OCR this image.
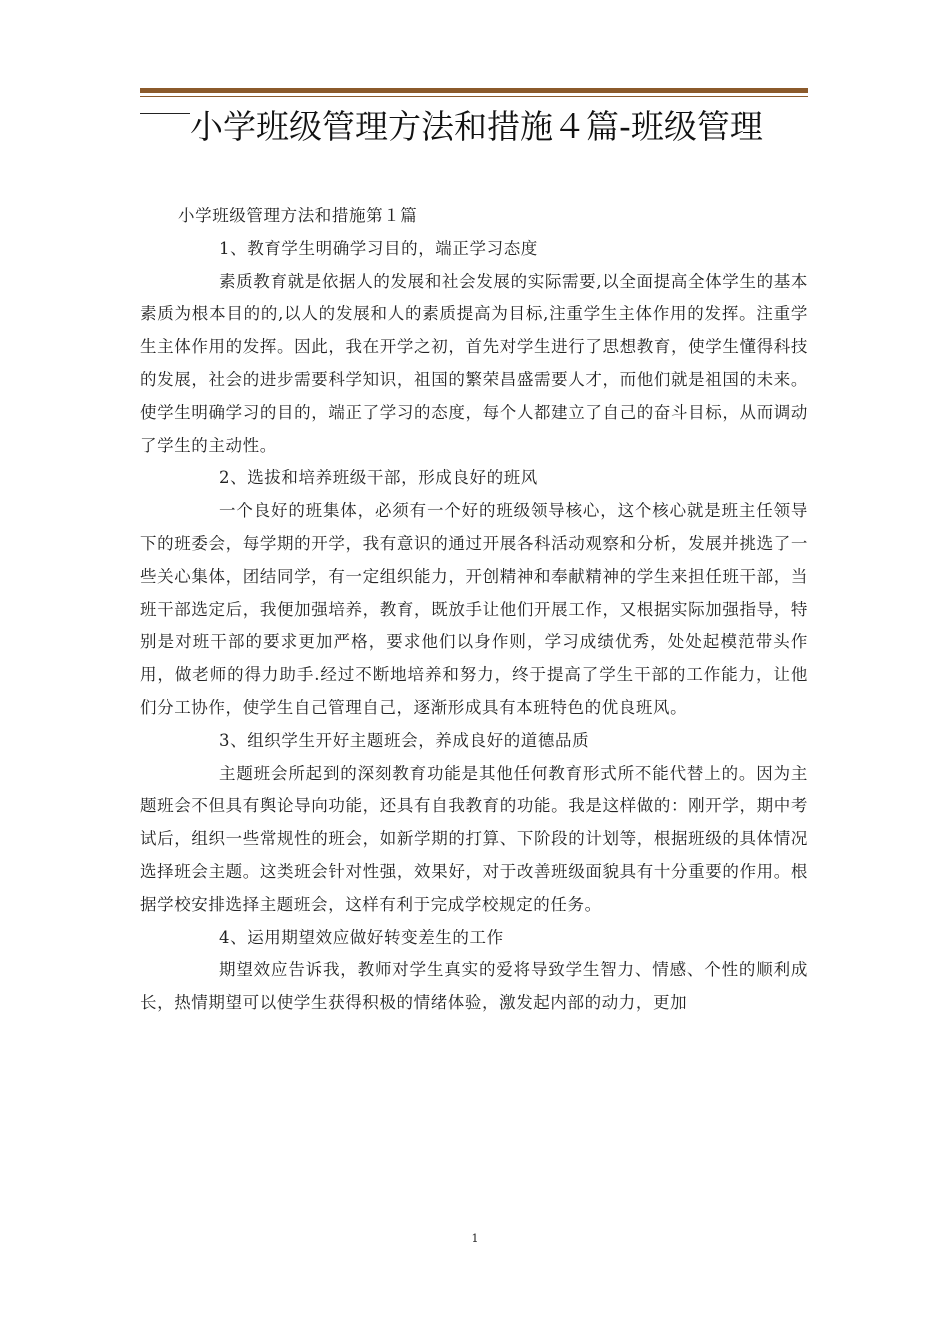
小学班级管理方法和措施４篇-班级管理

小学班级管理方法和措施第１篇

1、教育学生明确学习目的，端正学习态度

素质教育就是依据人的发展和社会发展的实际需要,以全面提高全体学生的基本素质为根本目的的,以人的发展和人的素质提高为目标,注重学生主体作用的发挥。注重学生主体作用的发挥。因此，我在开学之初，首先对学生进行了思想教育，使学生懂得科技的发展，社会的进步需要科学知识，祖国的繁荣昌盛需要人才，而他们就是祖国的未来。使学生明确学习的目的，端正了学习的态度，每个人都建立了自己的奋斗目标，从而调动了学生的主动性。

2、选拔和培养班级干部，形成良好的班风

一个良好的班集体，必须有一个好的班级领导核心，这个核心就是班主任领导下的班委会，每学期的开学，我有意识的通过开展各科活动观察和分析，发展并挑选了一些关心集体，团结同学，有一定组织能力，开创精神和奉献精神的学生来担任班干部，当班干部选定后，我便加强培养，教育，既放手让他们开展工作，又根据实际加强指导，特别是对班干部的要求更加严格，要求他们以身作则，学习成绩优秀，处处起模范带头作用，做老师的得力助手.经过不断地培养和努力，终于提高了学生干部的工作能力，让他们分工协作，使学生自己管理自己，逐渐形成具有本班特色的优良班风。

3、组织学生开好主题班会，养成良好的道德品质

主题班会所起到的深刻教育功能是其他任何教育形式所不能代替上的。因为主题班会不但具有舆论导向功能，还具有自我教育的功能。我是这样做的：刚开学，期中考试后，组织一些常规性的班会，如新学期的打算、下阶段的计划等，根据班级的具体情况选择班会主题。这类班会针对性强，效果好，对于改善班级面貌具有十分重要的作用。根据学校安排选择主题班会，这样有利于完成学校规定的任务。

4、运用期望效应做好转变差生的工作

期望效应告诉我，教师对学生真实的爱将导致学生智力、情感、个性的顺利成长，热情期望可以使学生获得积极的情绪体验，激发起内部的动力，更加

1
